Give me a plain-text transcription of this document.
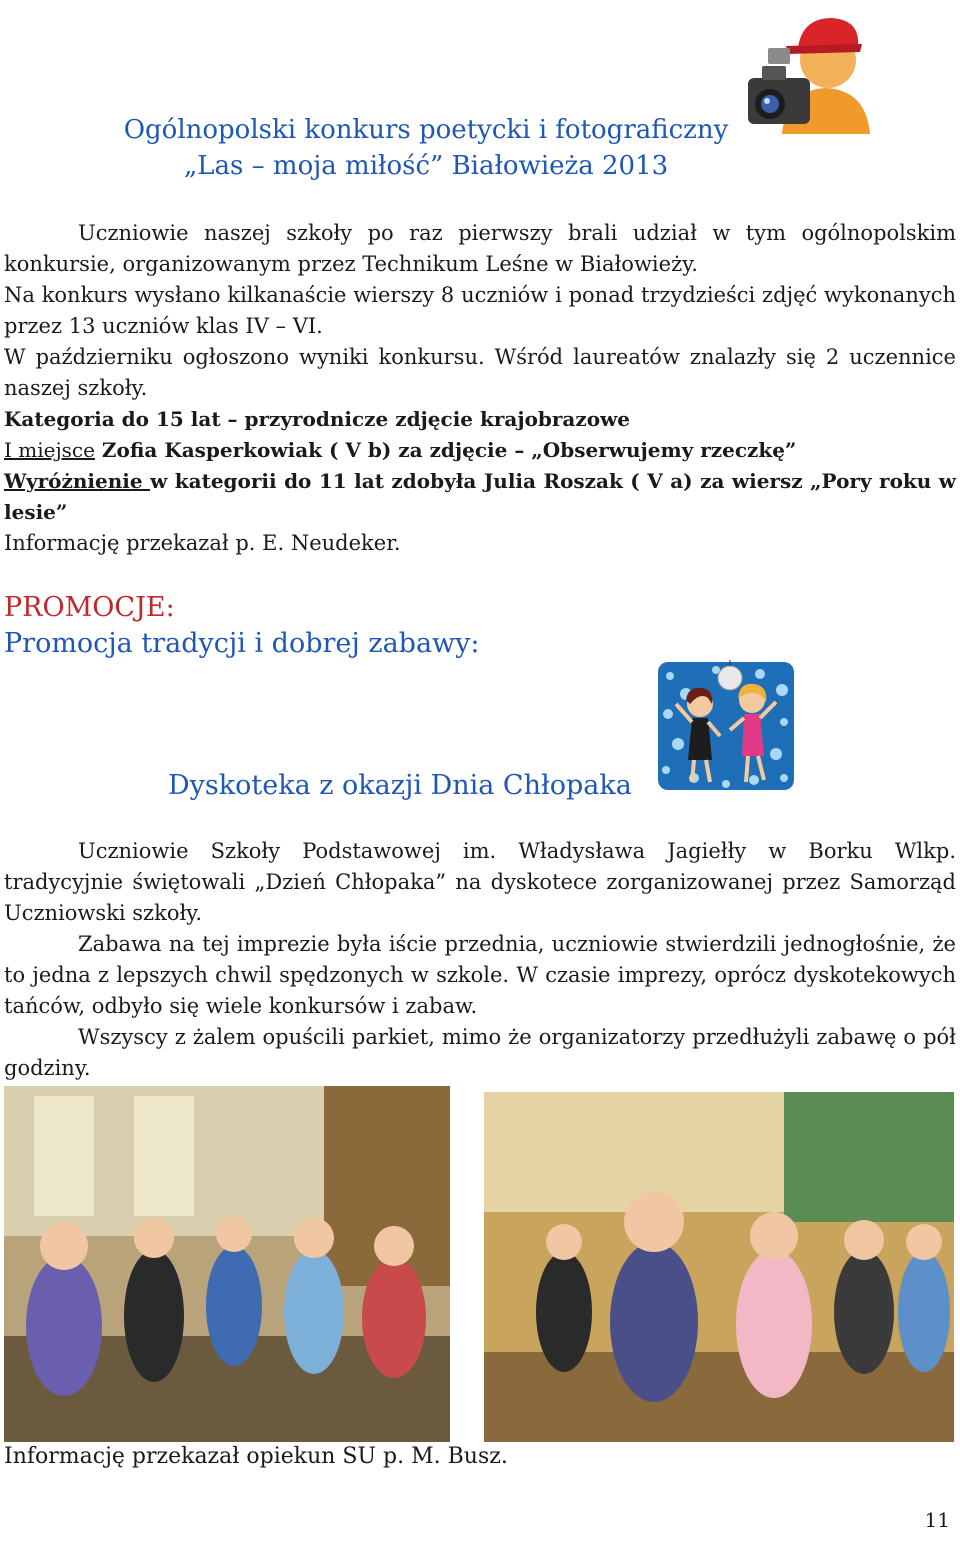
Ogólnopolski konkurs poetycki i fotograficzny
„Las – moja miłość” Białowieża 2013
Uczniowie naszej szkoły po raz pierwszy brali udział w tym ogólnopolskim konkursie, organizowanym przez Technikum Leśne w Białowieży.
Na konkurs wysłano kilkanaście wierszy 8 uczniów i ponad trzydzieści zdjęć wykonanych przez 13 uczniów klas IV – VI.
W październiku ogłoszono wyniki konkursu. Wśród laureatów znalazły się 2 uczennice naszej szkoły.
Kategoria do 15 lat – przyrodnicze zdjęcie krajobrazowe
I miejsce Zofia Kasperkowiak ( V b) za zdjęcie – „Obserwujemy rzeczkę”
Wyróżnienie w kategorii do 11 lat zdobyła Julia Roszak ( V a) za wiersz „Pory roku w lesie”
Informację przekazał p. E. Neudeker.
PROMOCJE:
Promocja tradycji i dobrej zabawy:
Dyskoteka z okazji Dnia Chłopaka
Uczniowie Szkoły Podstawowej im. Władysława Jagiełły w Borku Wlkp. tradycyjnie świętowali „Dzień Chłopaka” na dyskotece zorganizowanej przez Samorząd Uczniowski szkoły.
Zabawa na tej imprezie była iście przednia, uczniowie stwierdzili jednogłośnie, że to jedna z lepszych chwil spędzonych w szkole. W czasie imprezy, oprócz dyskotekowych tańców, odbyło się wiele konkursów i zabaw.
Wszyscy z żalem opuścili parkiet, mimo że organizatorzy przedłużyli zabawę o pół godziny.
Informację przekazał opiekun SU p. M. Busz.
11
